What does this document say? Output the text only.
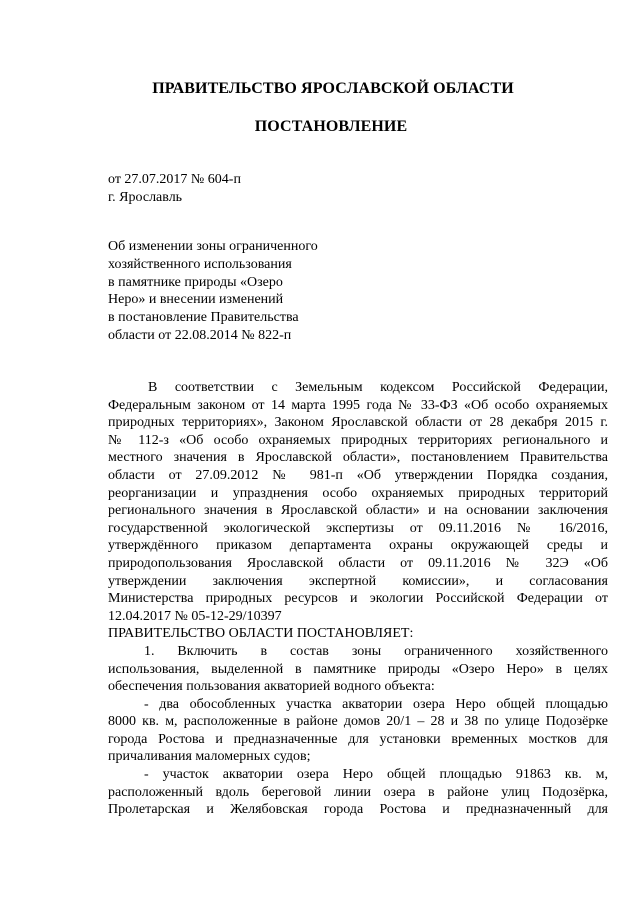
ПРАВИТЕЛЬСТВО ЯРОСЛАВСКОЙ ОБЛАСТИ
ПОСТАНОВЛЕНИЕ
от 27.07.2017 № 604-п
г. Ярославль
Об изменении зоны ограниченного
хозяйственного использования
в памятнике природы «Озеро
Неро» и внесении изменений
в постановление Правительства
области от 22.08.2014 № 822-п
В соответствии с Земельным кодексом Российской Федерации,
Федеральным законом от 14 марта 1995 года № 33-ФЗ «Об особо охраняемых
природных территориях», Законом Ярославской области от 28 декабря 2015 г.
№ 112-з «Об особо охраняемых природных территориях регионального и
местного значения в Ярославской области», постановлением Правительства
области от 27.09.2012 № 981-п «Об утверждении Порядка создания,
реорганизации и упразднения особо охраняемых природных территорий
регионального значения в Ярославской области» и на основании заключения
государственной экологической экспертизы от 09.11.2016 № 16/2016,
утверждённого приказом департамента охраны окружающей среды и
природопользования Ярославской области от 09.11.2016 № 32Э «Об
утверждении заключения экспертной комиссии», и согласования
Министерства природных ресурсов и экологии Российской Федерации от
12.04.2017 № 05-12-29/10397
ПРАВИТЕЛЬСТВО ОБЛАСТИ ПОСТАНОВЛЯЕТ:
1. Включить в состав зоны ограниченного хозяйственного
использования, выделенной в памятнике природы «Озеро Неро» в целях
обеспечения пользования акваторией водного объекта:
- два обособленных участка акватории озера Неро общей площадью
8000 кв. м, расположенные в районе домов 20/1 – 28 и 38 по улице Подозёрке
города Ростова и предназначенные для установки временных мостков для
причаливания маломерных судов;
- участок акватории озера Неро общей площадью 91863 кв. м,
расположенный вдоль береговой линии озера в районе улиц Подозёрка,
Пролетарская и Желябовская города Ростова и предназначенный для
